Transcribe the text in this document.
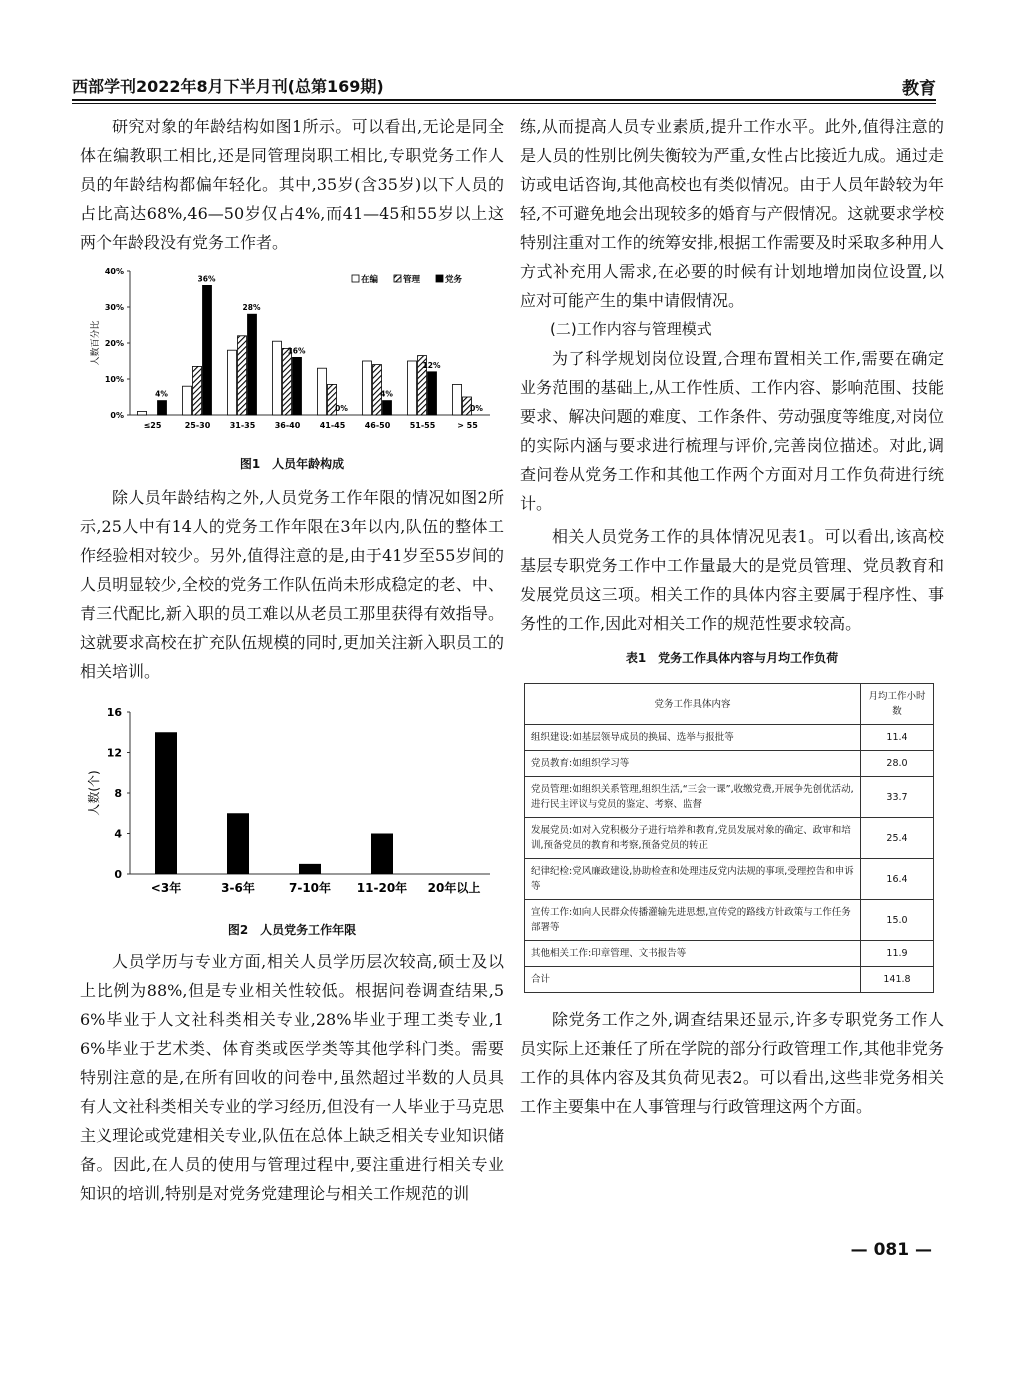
西部学刊2022年8月下半月刊(总第169期)	教育

研究对象的年龄结构如图1所示。可以看出,无论是同全体在编教职工相比,还是同管理岗职工相比,专职党务工作人员的年龄结构都偏年轻化。其中,35岁(含35岁)以下人员的占比高达68%,46—50岁仅占4%,而41—45和55岁以上这两个年龄段没有党务工作者。

0%
10%
20%
30%
40%
人数百分比
4%
≤25
36%
25-30
28%
31-35
16%
36-40
0%
41-45
4%
46-50
12%
51-55
0%
> 55
在编	管理	党务
图1　人员年龄构成

除人员年龄结构之外,人员党务工作年限的情况如图2所示,25人中有14人的党务工作年限在3年以内,队伍的整体工作经验相对较少。另外,值得注意的是,由于41岁至55岁间的人员明显较少,全校的党务工作队伍尚未形成稳定的老、中、青三代配比,新入职的员工难以从老员工那里获得有效指导。这就要求高校在扩充队伍规模的同时,更加关注新入职员工的相关培训。

0
4
8
12
16
人数(个)
<3年	3-6年	7-10年 11-20年 20年以上
图2　人员党务工作年限

人员学历与专业方面,相关人员学历层次较高,硕士及以上比例为88%,但是专业相关性较低。根据问卷调查结果,56%毕业于人文社科类相关专业,28%毕业于理工类专业,16%毕业于艺术类、体育类或医学类等其他学科门类。需要特别注意的是,在所有回收的问卷中,虽然超过半数的人员具有人文社科类相关专业的学习经历,但没有一人毕业于马克思主义理论或党建相关专业,队伍在总体上缺乏相关专业知识储备。因此,在人员的使用与管理过程中,要注重进行相关专业知识的培训,特别是对党务党建理论与相关工作规范的训

练,从而提高人员专业素质,提升工作水平。此外,值得注意的是人员的性别比例失衡较为严重,女性占比接近九成。通过走访或电话咨询,其他高校也有类似情况。由于人员年龄较为年轻,不可避免地会出现较多的婚育与产假情况。这就要求学校特别注重对工作的统筹安排,根据工作需要及时采取多种用人方式补充用人需求,在必要的时候有计划地增加岗位设置,以应对可能产生的集中请假情况。

(二)工作内容与管理模式

为了科学规划岗位设置,合理布置相关工作,需要在确定业务范围的基础上,从工作性质、工作内容、影响范围、技能要求、解决问题的难度、工作条件、劳动强度等维度,对岗位的实际内涵与要求进行梳理与评价,完善岗位描述。对此,调查问卷从党务工作和其他工作两个方面对月工作负荷进行统计。

相关人员党务工作的具体情况见表1。可以看出,该高校基层专职党务工作中工作量最大的是党员管理、党员教育和发展党员这三项。相关工作的具体内容主要属于程序性、事务性的工作,因此对相关工作的规范性要求较高。

表1　党务工作具体内容与月均工作负荷
党务工作具体内容	月均工作小时数
组织建设:如基层领导成员的换届、选举与报批等	11.4
党员教育:如组织学习等	28.0
党员管理:如组织关系管理,组织生活,“三会一课”,收缴党费,开展争先创优活动,进行民主评议与党员的鉴定、考察、监督	33.7
发展党员:如对入党积极分子进行培养和教育,党员发展对象的确定、政审和培训,预备党员的教育和考察,预备党员的转正	25.4
纪律纪检:党风廉政建设,协助检查和处理违反党内法规的事项,受理控告和申诉等	16.4
宣传工作:如向人民群众传播灌输先进思想,宣传党的路线方针政策与工作任务部署等	15.0
其他相关工作:印章管理、文书报告等	11.9
合计	141.8

除党务工作之外,调查结果还显示,许多专职党务工作人员实际上还兼任了所在学院的部分行政管理工作,其他非党务工作的具体内容及其负荷见表2。可以看出,这些非党务相关工作主要集中在人事管理与行政管理这两个方面。

— 081 —
